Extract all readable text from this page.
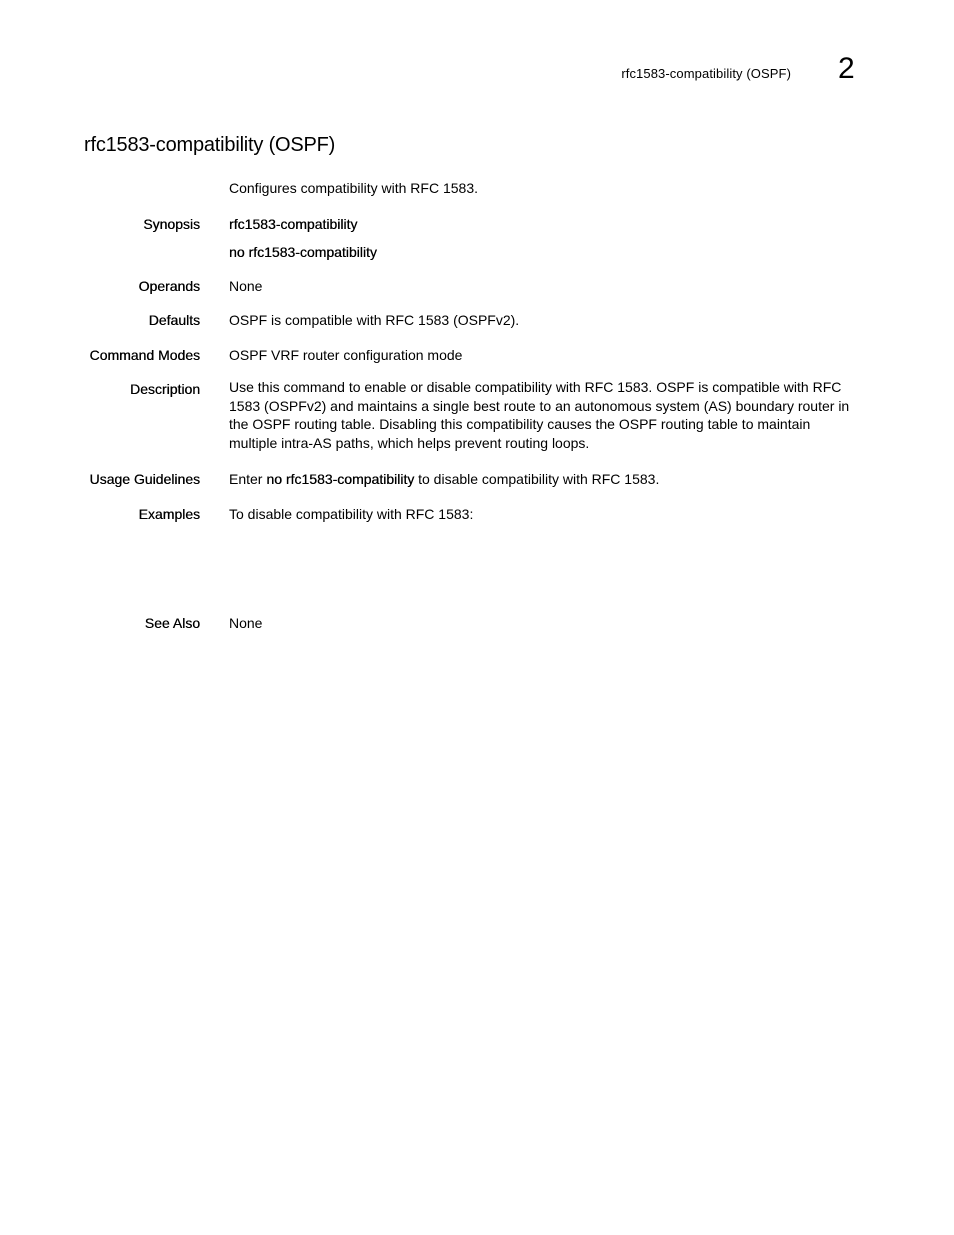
rfc1583-compatibility (OSPF) 2
rfc1583-compatibility (OSPF)
Configures compatibility with RFC 1583.
Synopsis rfc1583-compatibility
no rfc1583-compatibility
Operands None
Defaults OSPF is compatible with RFC 1583 (OSPFv2).
Command Modes OSPF VRF router configuration mode
Description Use this command to enable or disable compatibility with RFC 1583. OSPF is compatible with RFC 1583 (OSPFv2) and maintains a single best route to an autonomous system (AS) boundary router in the OSPF routing table. Disabling this compatibility causes the OSPF routing table to maintain multiple intra-AS paths, which helps prevent routing loops.
Usage Guidelines Enter no rfc1583-compatibility to disable compatibility with RFC 1583.
Examples To disable compatibility with RFC 1583:
See Also None
